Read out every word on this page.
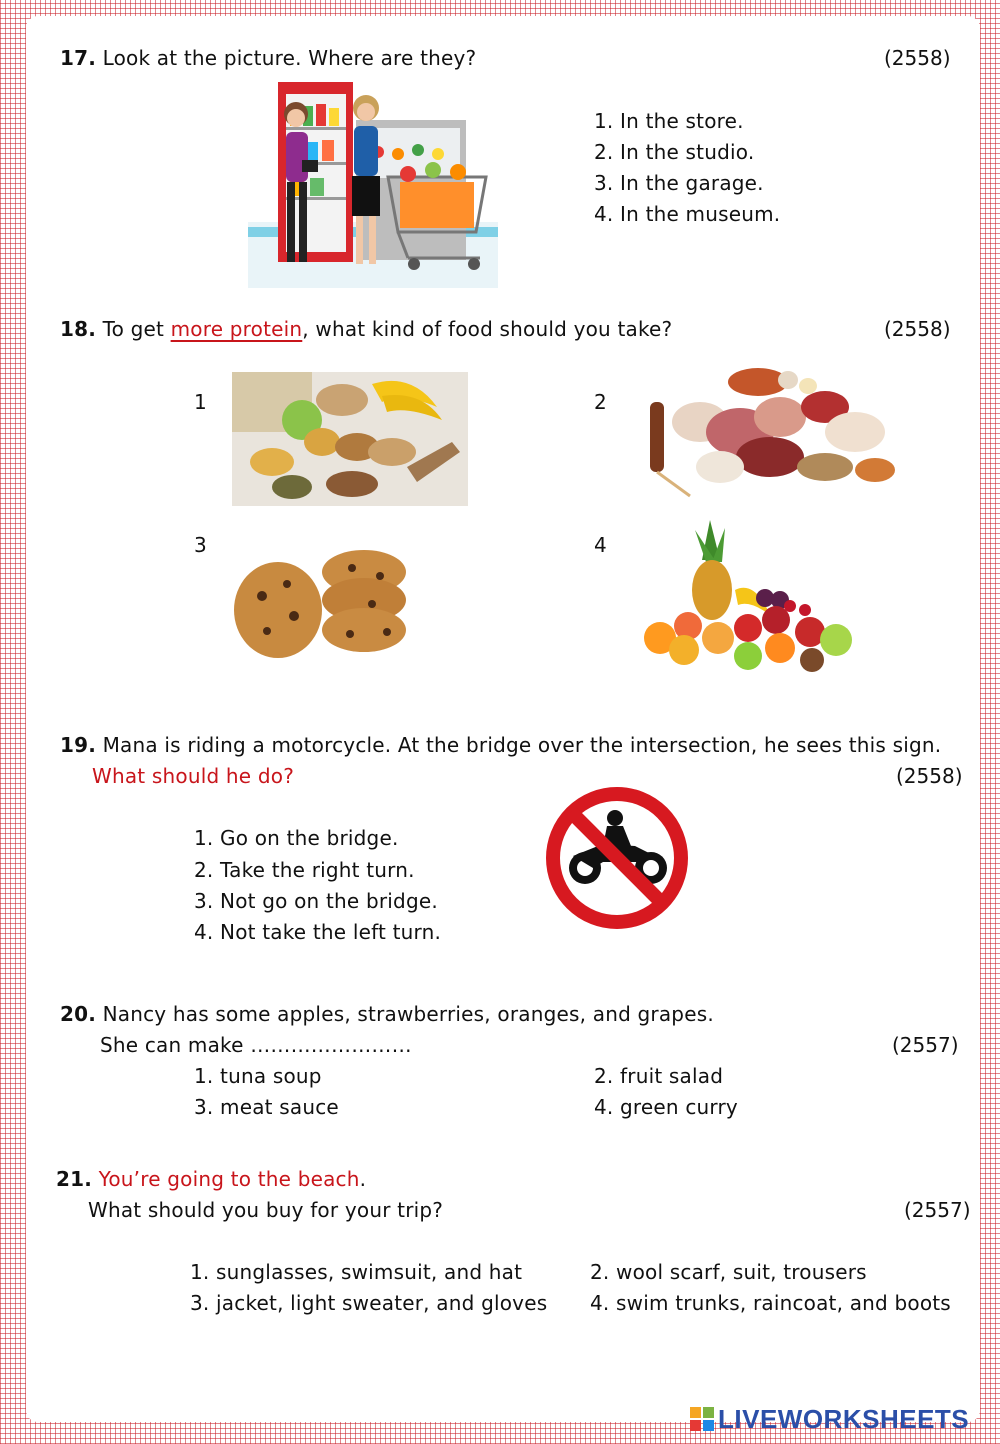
17. Look at the picture. Where are they?	(2558)
1. In the store.
2. In the studio.
3. In the garage.
4. In the museum.
18. To get more protein, what kind of food should you take?	(2558)
1	2
3	4
19. Mana is riding a motorcycle. At the bridge over the intersection, he sees this sign.
What should he do?	(2558)
1. Go on the bridge.
2. Take the right turn.
3. Not go on the bridge.
4. Not take the left turn.
20. Nancy has some apples, strawberries, oranges, and grapes.
She can make ……………………	(2557)
1. tuna soup	2. fruit salad
3. meat sauce	4. green curry
21. You’re going to the beach.
What should you buy for your trip?	(2557)
1. sunglasses, swimsuit, and hat	2. wool scarf, suit, trousers
3. jacket, light sweater, and gloves 4. swim trunks, raincoat, and boots
LIVEWORKSHEETS
